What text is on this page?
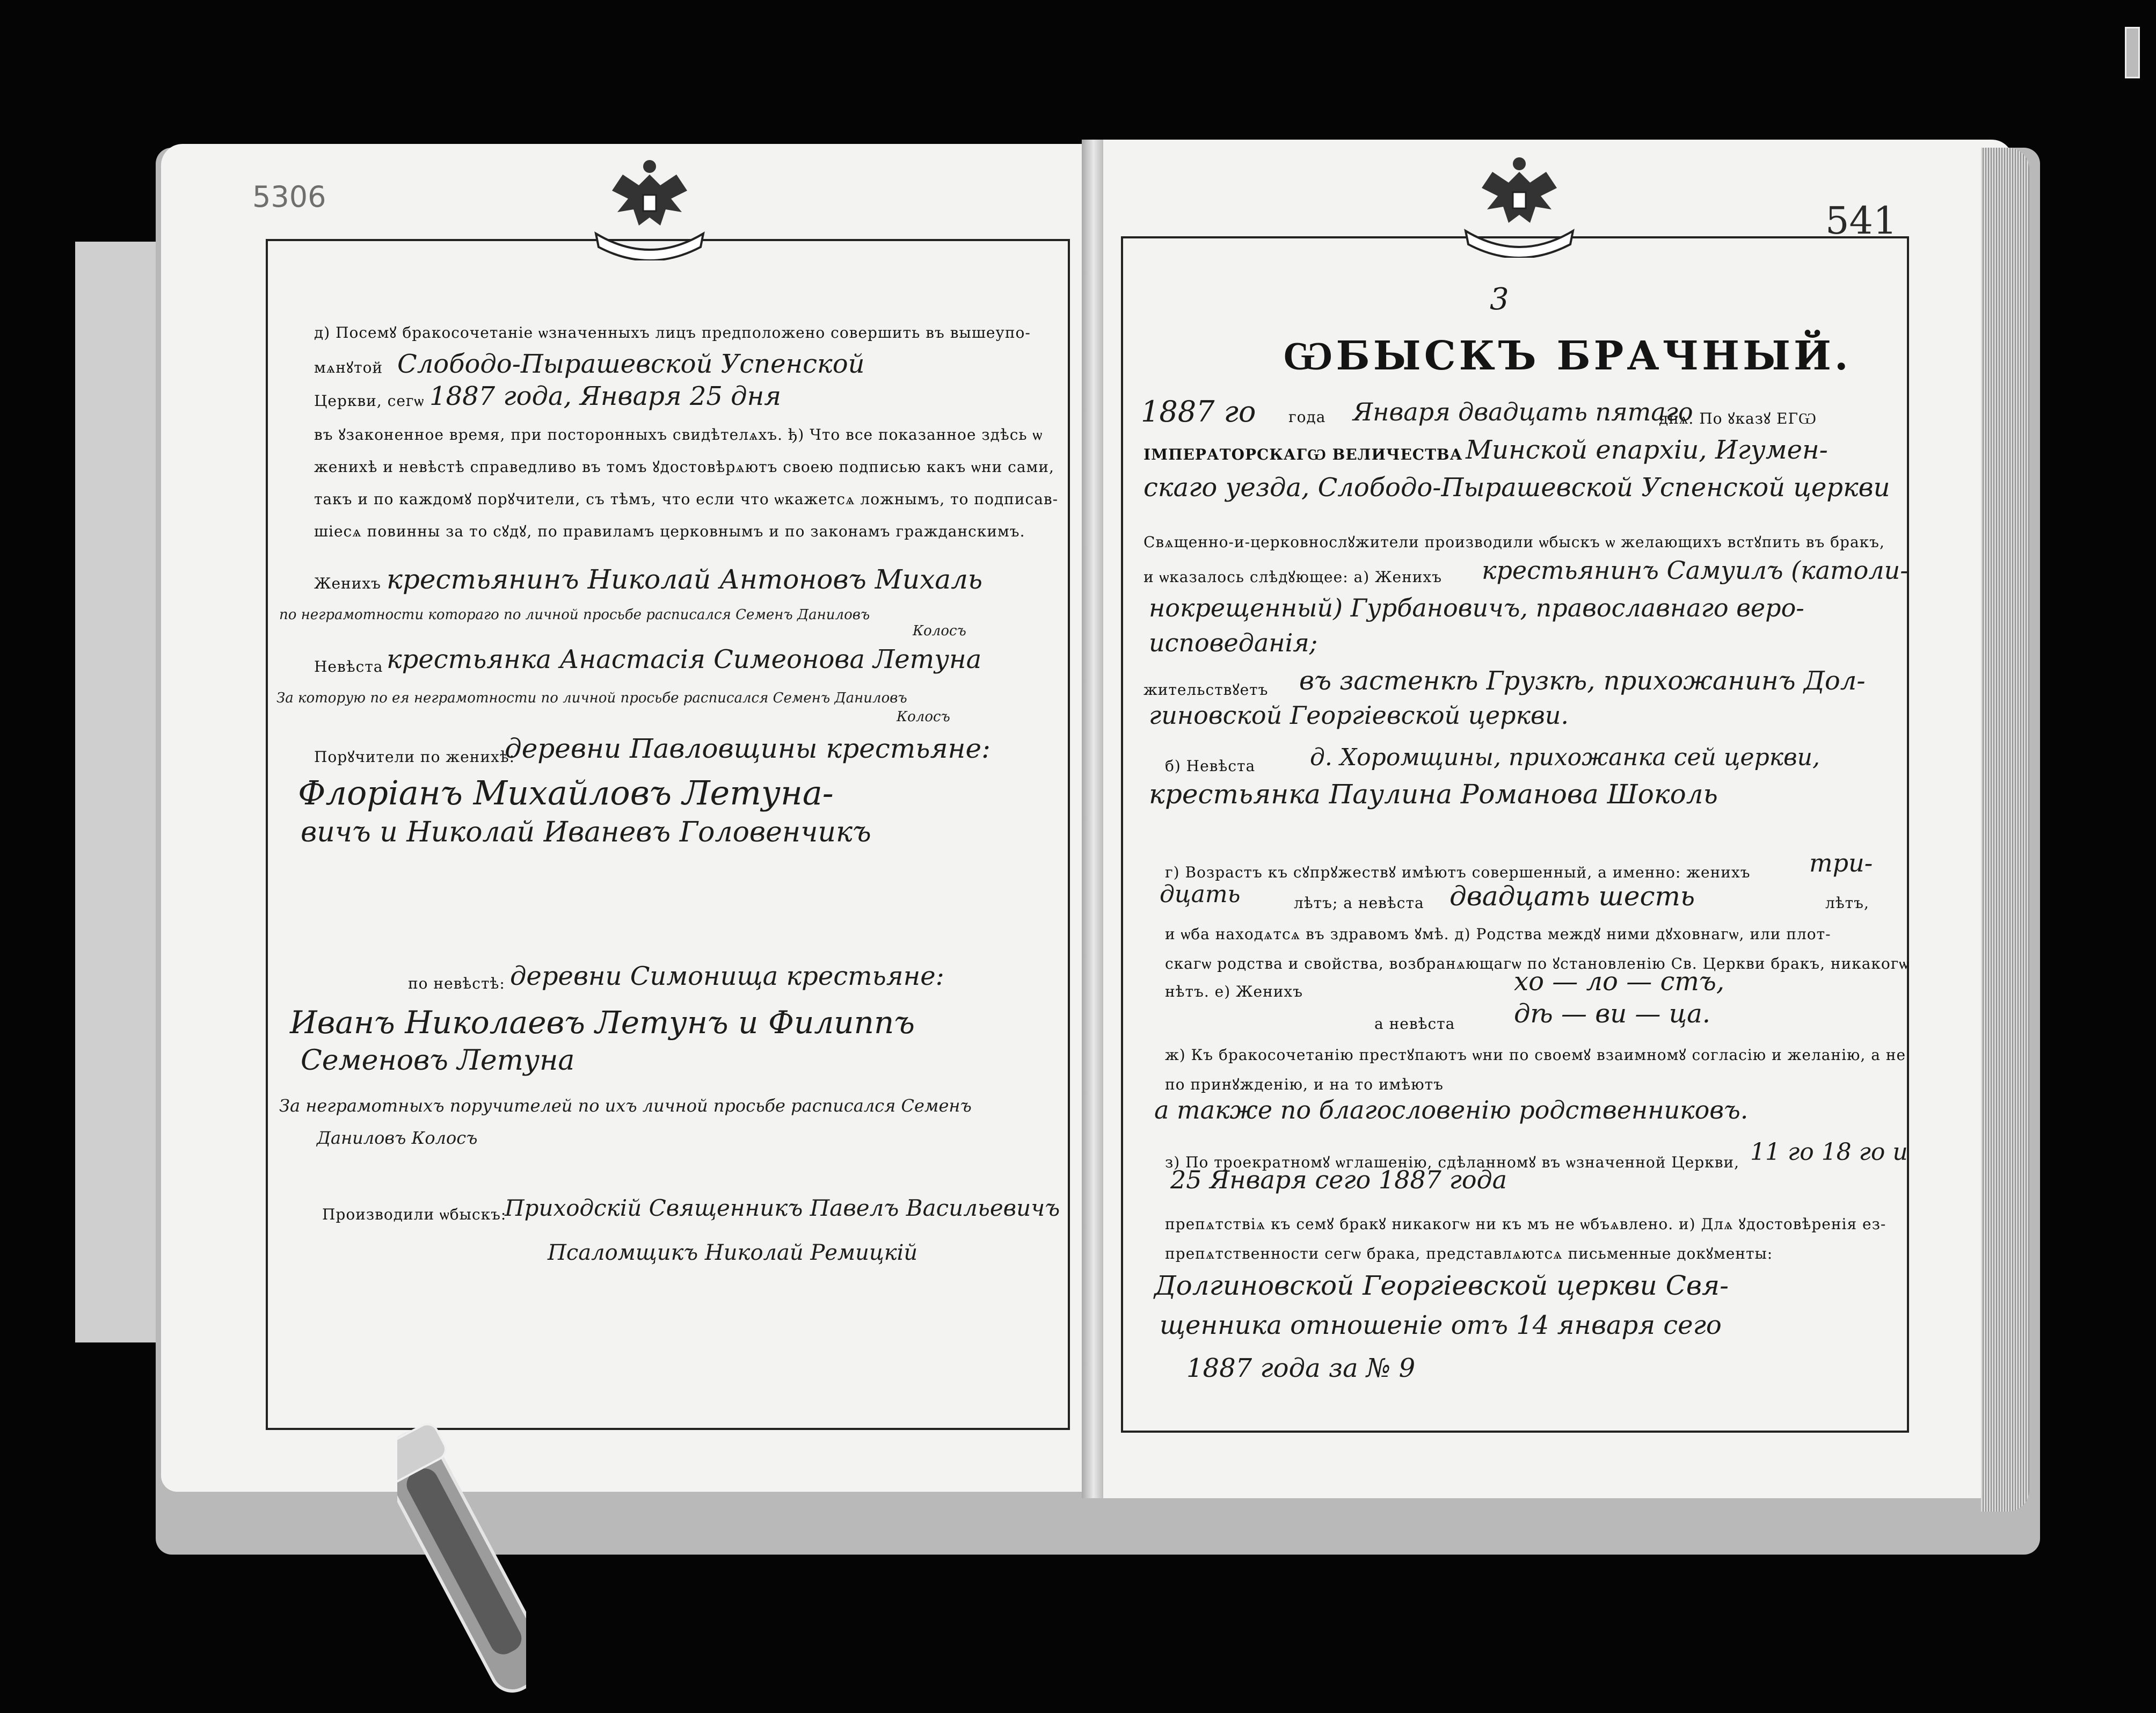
5306
д) Посемꙋ бракосочетаніе ѡзначенныхъ лицъ предположено совершить въ вышеупо-
мѧнꙋтой Слободо-Пырашевской Успенской
Церкви, сегѡ 1887 года, Января 25 дня
въ ꙋзаконенное время, при посторонныхъ свидѣтелѧхъ. ђ) Что все показанное здѣсь ѡ
женихѣ и невѣстѣ справедливо въ томъ ꙋдостовѣрѧютъ своею подписью какъ ѡни сами,
такъ и по каждомꙋ порꙋчители, съ тѣмъ, что если что ѡкажетсѧ ложнымъ, то подписав-
шіесѧ повинны за то сꙋдꙋ, по правиламъ церковнымъ и по законамъ гражданскимъ.
Женихъ крестьянинъ Николай Антоновъ Михаль
по неграмотности котораго по личной просьбе расписался Семенъ Даниловъ
Колосъ
Невѣста крестьянка Анастасія Симеонова Летуна
За которую по ея неграмотности по личной просьбе расписался Семенъ Даниловъ
Колосъ
Порꙋчители по женихѣ:
деревни Павловщины крестьяне:
Флоріанъ Михайловъ Летуна-
вичъ и Николай Иваневъ Головенчикъ
по невѣстѣ: деревни Симонища крестьяне:
Иванъ Николаевъ Летунъ и Филиппъ
Семеновъ Летуна
За неграмотныхъ поручителей по ихъ личной просьбе расписался Семенъ
Даниловъ Колосъ
Производили ѡбыскъ:
Приходскій Священникъ Павелъ Васильевичъ
Псаломщикъ Николай Ремицкій
541
3
ѠБЫСКЪ БРАЧНЫЙ.
1887 го года Января двадцать пятаго
днѧ. По ꙋказꙋ ЕГѠ
ІМПЕРАТОРСКАГѠ ВЕЛИЧЕСТВА Минской епархіи, Игумен-
скаго уезда, Слободо-Пырашевской Успенской церкви
Свѧщенно-и-церковнослꙋжители производили ѡбыскъ ѡ желающихъ встꙋпить въ бракъ,
и ѡказалось слѣдꙋющее: а) Женихъ крестьянинъ Самуилъ (католи-
нокрещенный) Гурбановичъ, православнаго веро-
исповеданія;
жительствꙋетъ въ застенкѣ Грузкѣ, прихожанинъ Дол-
гиновской Георгіевской церкви.
б) Невѣста д. Хоромщины, прихожанка сей церкви,
крестьянка Паулина Романова Шоколь
г) Возрастъ къ сꙋпрꙋжествꙋ имѣютъ совершенный, а именно: женихъ три-
дцать	лѣтъ; а невѣста двадцать шесть	лѣтъ,
и ѡба находѧтсѧ въ здравомъ ꙋмѣ. д) Родства междꙋ ними дꙋховнагѡ, или плот-
скагѡ родства и свойства, возбранѧющагѡ по ꙋстановленію Св. Церкви бракъ, никакогѡ
нѣтъ. е) Женихъ	хо — ло — стъ,
а невѣста дѣ — ви — ца.
ж) Къ бракосочетанію престꙋпаютъ ѡни по своемꙋ взаимномꙋ согласію и желанію, а не
по принꙋжденію, и на то имѣютъ
а также по благословенію родственниковъ.
з) По троекратномꙋ ѡглашенію, сдѣланномꙋ въ ѡзначенной Церкви, 11 го 18 го и
25 Января сего 1887 года
препѧтствіѧ къ семꙋ бракꙋ никакогѡ ни къ мъ не ѡбъѧвлено. и) Длѧ ꙋдостовѣренія ез-
препѧтственности сегѡ брака, представлѧютсѧ письменные докꙋменты:
Долгиновской Георгіевской церкви Свя-
щенника отношеніе отъ 14 января сего
1887 года за № 9
